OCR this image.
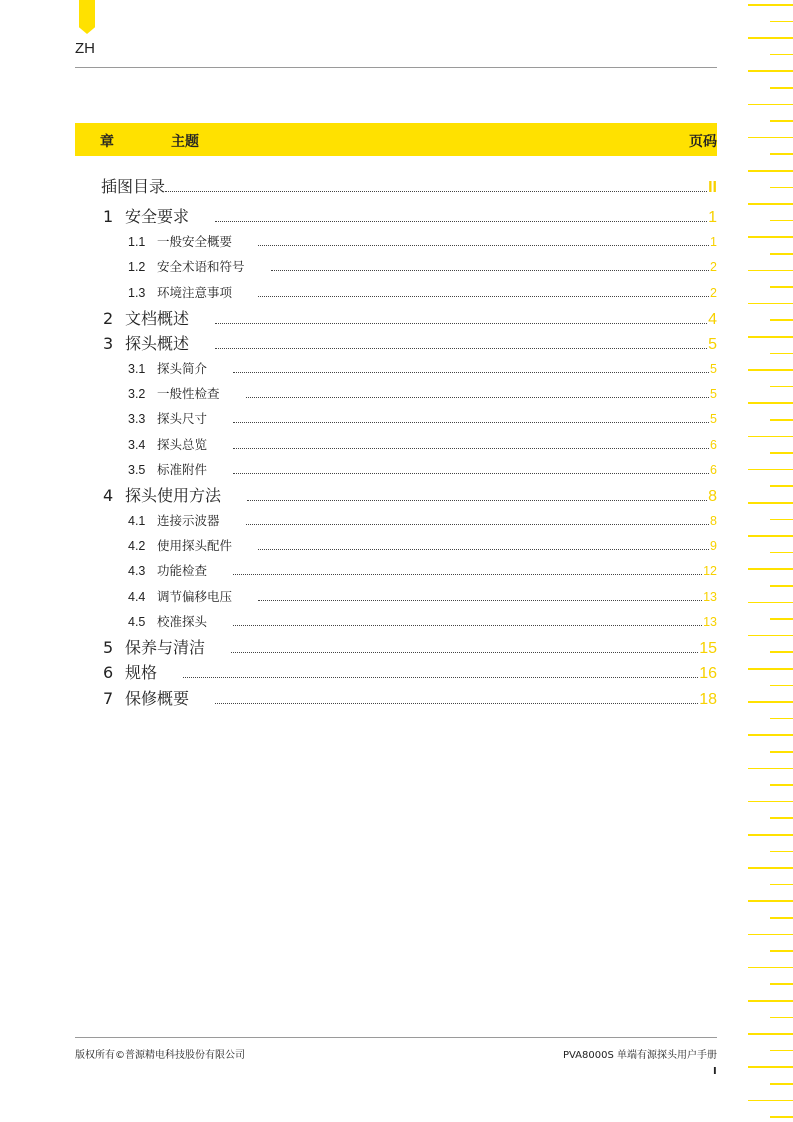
ZH
章	主题	页码
插图目录	II
1 安全要求	1
1.1 一般安全概要	1
1.2 安全术语和符号	2
1.3 环境注意事项	2
2 文档概述	4
3 探头概述	5
3.1 探头简介	5
3.2 一般性检查	5
3.3 探头尺寸	5
3.4 探头总览	6
3.5 标准附件	6
4 探头使用方法	8
4.1 连接示波器	8
4.2 使用探头配件	9
4.3 功能检查	12
4.4 调节偏移电压	13
4.5 校准探头	13
5 保养与清洁	15
6 规格	16
7 保修概要	18
版权所有©普源精电科技股份有限公司	PVA8000S 单端有源探头用户手册
I
